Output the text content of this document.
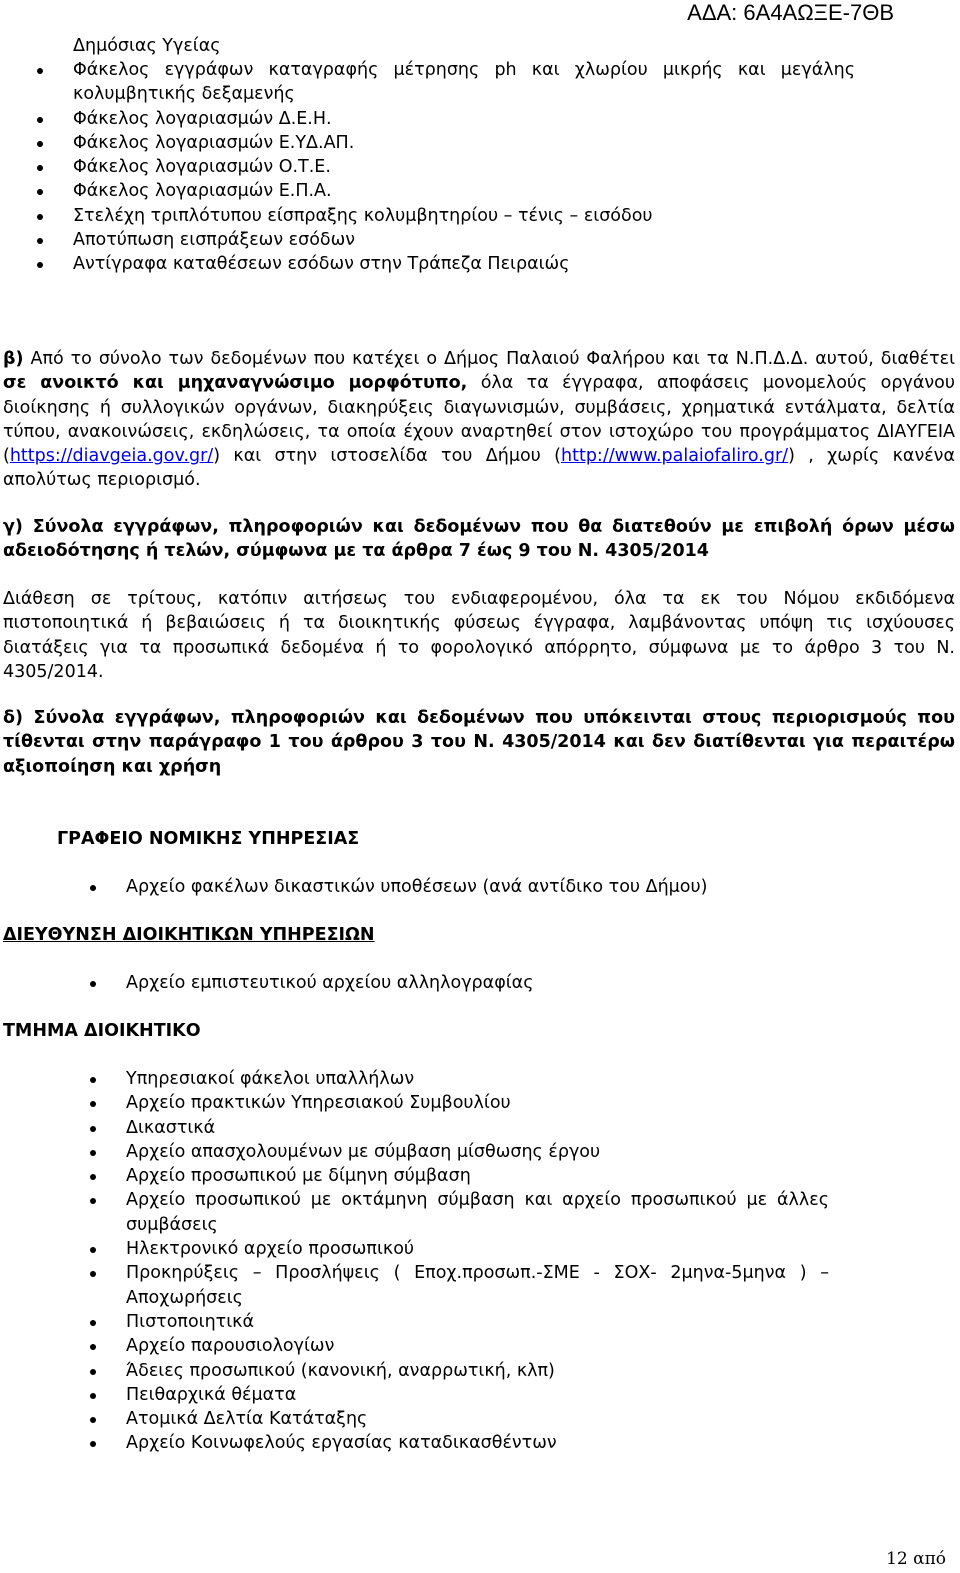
ΑΔΑ: 6Α4ΑΩΞΕ-7ΘΒ
Δημόσιας Υγείας
Φάκελος εγγράφων καταγραφής μέτρησης ph και χλωρίου μικρής και μεγάλης κολυμβητικής δεξαμενής
Φάκελος λογαριασμών Δ.Ε.Η.
Φάκελος λογαριασμών Ε.ΥΔ.ΑΠ.
Φάκελος λογαριασμών Ο.Τ.Ε.
Φάκελος λογαριασμών Ε.Π.Α.
Στελέχη τριπλότυπου είσπραξης κολυμβητηρίου – τένις – εισόδου
Αποτύπωση εισπράξεων εσόδων
Αντίγραφα καταθέσεων εσόδων στην Τράπεζα Πειραιώς

β) Από το σύνολο των δεδομένων που κατέχει ο Δήμος Παλαιού Φαλήρου και τα Ν.Π.Δ.Δ. αυτού, διαθέτει σε ανοικτό και μηχαναγνώσιμο μορφότυπο, όλα τα έγγραφα, αποφάσεις μονομελούς οργάνου διοίκησης ή συλλογικών οργάνων, διακηρύξεις διαγωνισμών, συμβάσεις, χρηματικά εντάλματα, δελτία τύπου, ανακοινώσεις, εκδηλώσεις, τα οποία έχουν αναρτηθεί στον ιστοχώρο του προγράμματος ΔΙΑΥΓΕΙΑ (https://diavgeia.gov.gr/) και στην ιστοσελίδα του Δήμου (http://www.palaiofaliro.gr/) , χωρίς κανένα απολύτως περιορισμό.

γ) Σύνολα εγγράφων, πληροφοριών και δεδομένων που θα διατεθούν με επιβολή όρων μέσω αδειοδότησης ή τελών, σύμφωνα με τα άρθρα 7 έως 9 του Ν. 4305/2014

Διάθεση σε τρίτους, κατόπιν αιτήσεως του ενδιαφερομένου, όλα τα εκ του Νόμου εκδιδόμενα πιστοποιητικά ή βεβαιώσεις ή τα διοικητικής φύσεως έγγραφα, λαμβάνοντας υπόψη τις ισχύουσες διατάξεις για τα προσωπικά δεδομένα ή το φορολογικό απόρρητο, σύμφωνα με το άρθρο 3 του Ν. 4305/2014.

δ) Σύνολα εγγράφων, πληροφοριών και δεδομένων που υπόκεινται στους περιορισμούς που τίθενται στην παράγραφο 1 του άρθρου 3 του Ν. 4305/2014 και δεν διατίθενται για περαιτέρω αξιοποίηση και χρήση

ΓΡΑΦΕΙΟ ΝΟΜΙΚΗΣ ΥΠΗΡΕΣΙΑΣ
Αρχείο φακέλων δικαστικών υποθέσεων (ανά αντίδικο του Δήμου)
ΔΙΕΥΘΥΝΣΗ ΔΙΟΙΚΗΤΙΚΩΝ ΥΠΗΡΕΣΙΩΝ
Αρχείο εμπιστευτικού αρχείου αλληλογραφίας
ΤΜΗΜΑ ΔΙΟΙΚΗΤΙΚΟ
Υπηρεσιακοί φάκελοι υπαλλήλων
Αρχείο πρακτικών Υπηρεσιακού Συμβουλίου
Δικαστικά
Αρχείο απασχολουμένων με σύμβαση μίσθωσης έργου
Αρχείο προσωπικού με δίμηνη σύμβαση
Αρχείο προσωπικού με οκτάμηνη σύμβαση και αρχείο προσωπικού με άλλες συμβάσεις
Ηλεκτρονικό αρχείο προσωπικού
Προκηρύξεις – Προσλήψεις ( Εποχ.προσωπ.-ΣΜΕ - ΣΟΧ- 2μηνα-5μηνα ) – Αποχωρήσεις
Πιστοποιητικά
Αρχείο παρουσιολογίων
Άδειες προσωπικού (κανονική, αναρρωτική, κλπ)
Πειθαρχικά θέματα
Ατομικά Δελτία Κατάταξης
Αρχείο Κοινωφελούς εργασίας καταδικασθέντων
12 από
